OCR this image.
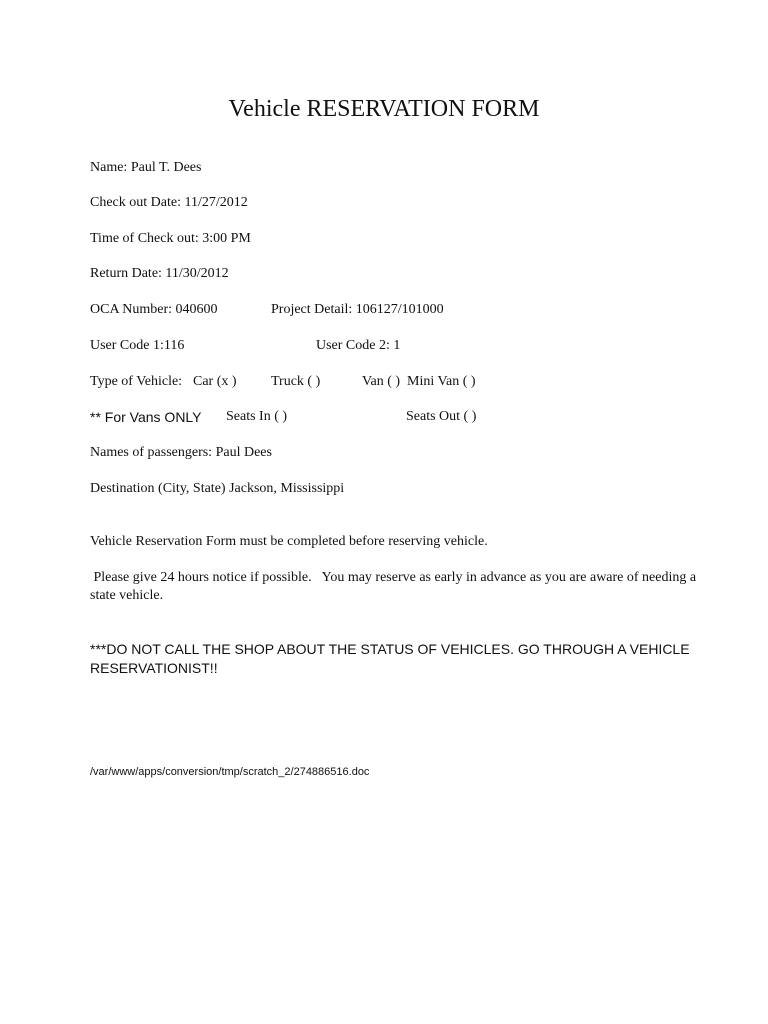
Vehicle RESERVATION FORM
Name: Paul T. Dees
Check out Date: 11/27/2012
Time of Check out: 3:00 PM
Return Date: 11/30/2012
OCA Number: 040600	Project Detail: 106127/101000
User Code 1:116	User Code 2: 1
Type of Vehicle: Car (x ) Truck ( )	Van ( ) Mini Van ( )
** For Vans ONLY Seats In ( )	Seats Out ( )
Names of passengers: Paul Dees
Destination (City, State) Jackson, Mississippi
Vehicle Reservation Form must be completed before reserving vehicle.
Please give 24 hours notice if possible.   You may reserve as early in advance as you are aware of needing a state vehicle.
***DO NOT CALL THE SHOP ABOUT THE STATUS OF VEHICLES. GO THROUGH A VEHICLE RESERVATIONIST!!
/var/www/apps/conversion/tmp/scratch_2/274886516.doc
